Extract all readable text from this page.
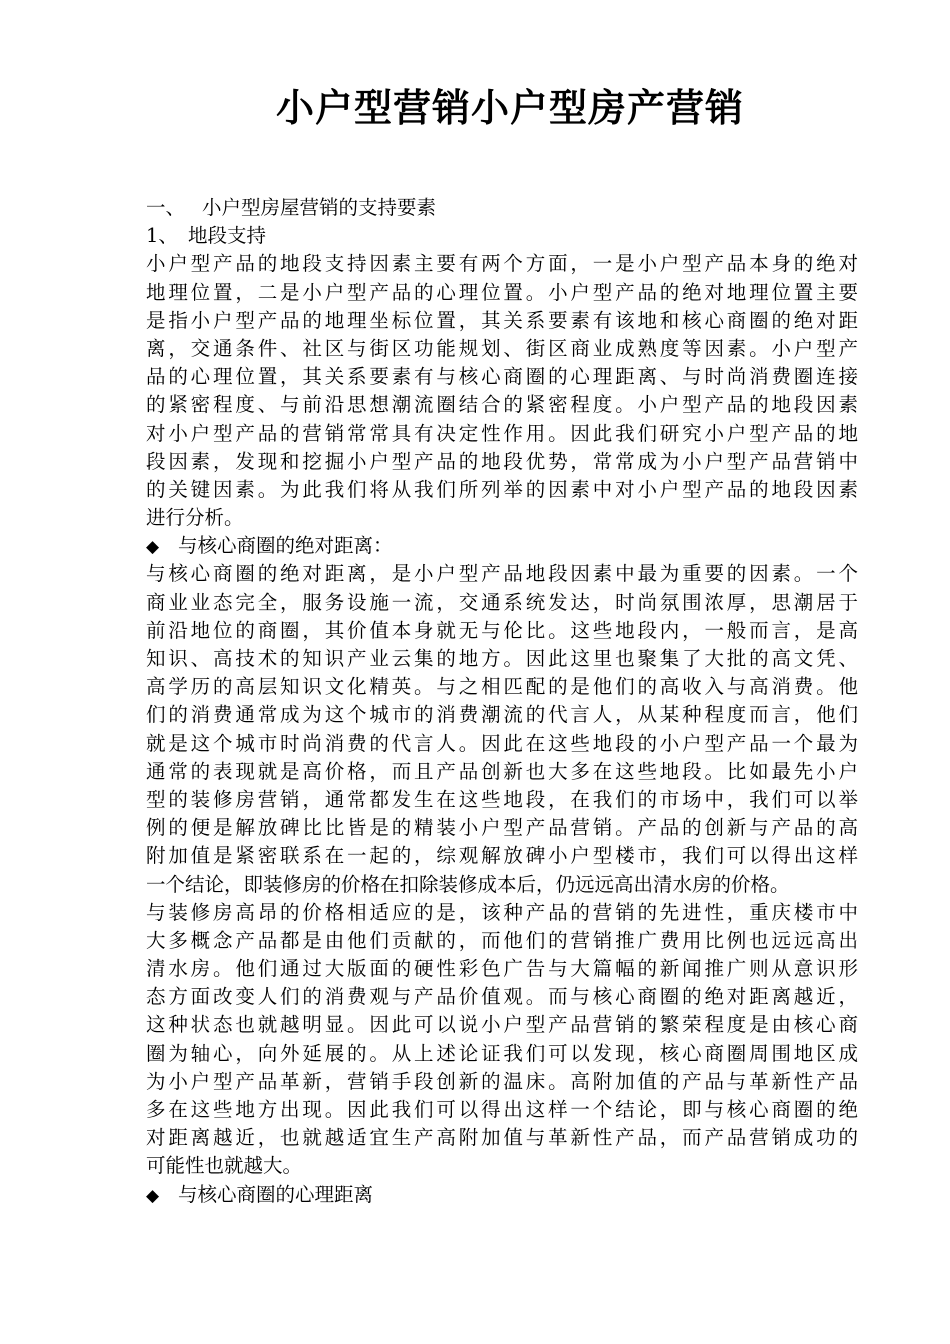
小户型营销小户型房产营销
一、 小户型房屋营销的支持要素
1、 地段支持
小户型产品的地段支持因素主要有两个方面，一是小户型产品本身的绝对
地理位置，二是小户型产品的心理位置。小户型产品的绝对地理位置主要
是指小户型产品的地理坐标位置，其关系要素有该地和核心商圈的绝对距
离，交通条件、社区与街区功能规划、街区商业成熟度等因素。小户型产
品的心理位置，其关系要素有与核心商圈的心理距离、与时尚消费圈连接
的紧密程度、与前沿思想潮流圈结合的紧密程度。小户型产品的地段因素
对小户型产品的营销常常具有决定性作用。因此我们研究小户型产品的地
段因素，发现和挖掘小户型产品的地段优势，常常成为小户型产品营销中
的关键因素。为此我们将从我们所列举的因素中对小户型产品的地段因素
进行分析。
◆ 与核心商圈的绝对距离：
与核心商圈的绝对距离，是小户型产品地段因素中最为重要的因素。一个
商业业态完全，服务设施一流，交通系统发达，时尚氛围浓厚，思潮居于
前沿地位的商圈，其价值本身就无与伦比。这些地段内，一般而言，是高
知识、高技术的知识产业云集的地方。因此这里也聚集了大批的高文凭、
高学历的高层知识文化精英。与之相匹配的是他们的高收入与高消费。他
们的消费通常成为这个城市的消费潮流的代言人，从某种程度而言，他们
就是这个城市时尚消费的代言人。因此在这些地段的小户型产品一个最为
通常的表现就是高价格，而且产品创新也大多在这些地段。比如最先小户
型的装修房营销，通常都发生在这些地段，在我们的市场中，我们可以举
例的便是解放碑比比皆是的精装小户型产品营销。产品的创新与产品的高
附加值是紧密联系在一起的，综观解放碑小户型楼市，我们可以得出这样
一个结论，即装修房的价格在扣除装修成本后，仍远远高出清水房的价格。
与装修房高昂的价格相适应的是，该种产品的营销的先进性，重庆楼市中
大多概念产品都是由他们贡献的，而他们的营销推广费用比例也远远高出
清水房。他们通过大版面的硬性彩色广告与大篇幅的新闻推广则从意识形
态方面改变人们的消费观与产品价值观。而与核心商圈的绝对距离越近，
这种状态也就越明显。因此可以说小户型产品营销的繁荣程度是由核心商
圈为轴心，向外延展的。从上述论证我们可以发现，核心商圈周围地区成
为小户型产品革新，营销手段创新的温床。高附加值的产品与革新性产品
多在这些地方出现。因此我们可以得出这样一个结论，即与核心商圈的绝
对距离越近，也就越适宜生产高附加值与革新性产品，而产品营销成功的
可能性也就越大。
◆ 与核心商圈的心理距离
